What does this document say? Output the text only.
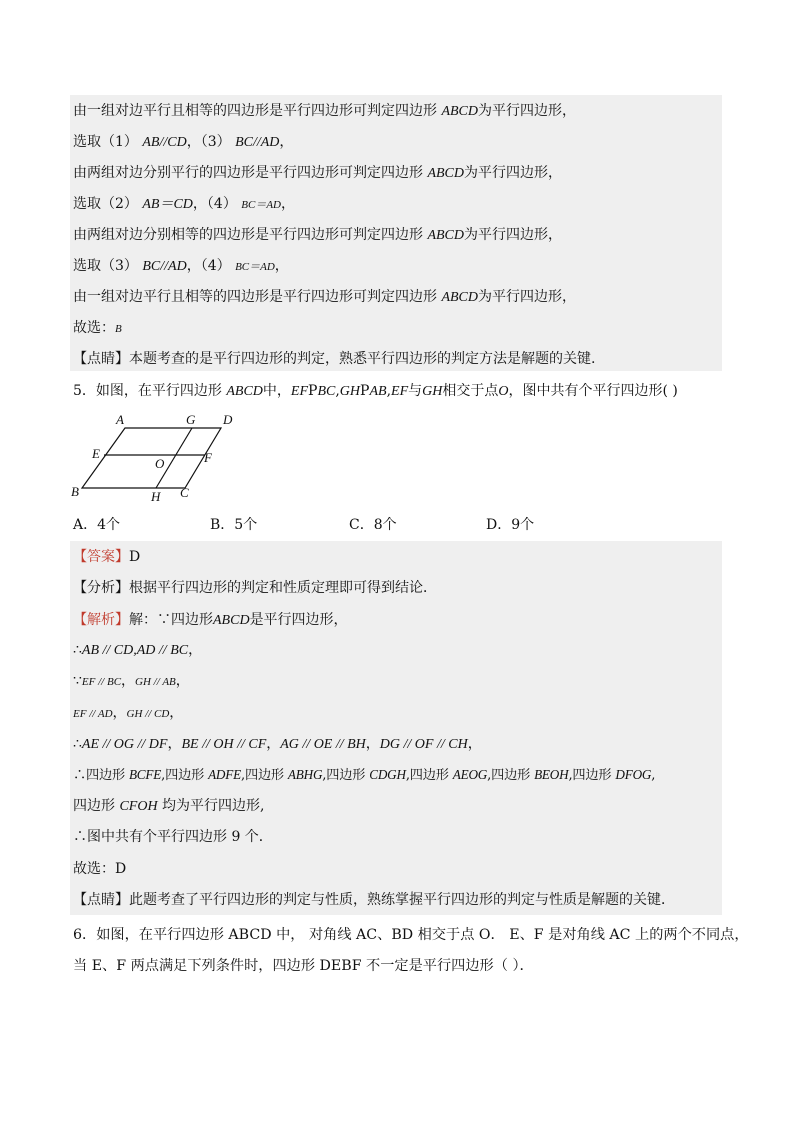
由一组对边平行且相等的四边形是平行四边形可判定四边形 ABCD为平行四边形，
选取（1） AB//CD，（3） BC//AD，
由两组对边分别平行的四边形是平行四边形可判定四边形 ABCD为平行四边形，
选取（2） AB＝CD，（4） BC＝AD，
由两组对边分别相等的四边形是平行四边形可判定四边形 ABCD为平行四边形，
选取（3） BC//AD，（4） BC＝AD，
由一组对边平行且相等的四边形是平行四边形可判定四边形 ABCD为平行四边形，
故选：B
【点睛】本题考查的是平行四边形的判定，熟悉平行四边形的判定方法是解题的关键.
5．如图，在平行四边形 ABCD中，EFPBC,GHPAB,EF与GH相交于点O，图中共有个平行四边形( )
A	G D
E
O	F
B	H C
A．4个	B．5个	C．8个	D．9个
【答案】D
【分析】根据平行四边形的判定和性质定理即可得到结论．
【解析】解：∵四边形ABCD是平行四边形，
∴AB // CD,AD // BC，
∵EF // BC，GH // AB，
EF // AD，GH // CD，
∴AE // OG // DF，BE // OH // CF，AG // OE // BH，DG // OF // CH，
∴四边形 BCFE,四边形 ADFE,四边形 ABHG,四边形 CDGH,四边形 AEOG,四边形 BEOH,四边形 DFOG,
四边形 CFOH 均为平行四边形,
∴图中共有个平行四边形 9 个．
故选：D
【点睛】此题考查了平行四边形的判定与性质，熟练掌握平行四边形的判定与性质是解题的关键．
6．如图，在平行四边形 ABCD 中， 对角线 AC、BD 相交于点 O． E、F 是对角线 AC 上的两个不同点，
当 E、F 两点满足下列条件时，四边形 DEBF 不一定是平行四边形（ ）．
